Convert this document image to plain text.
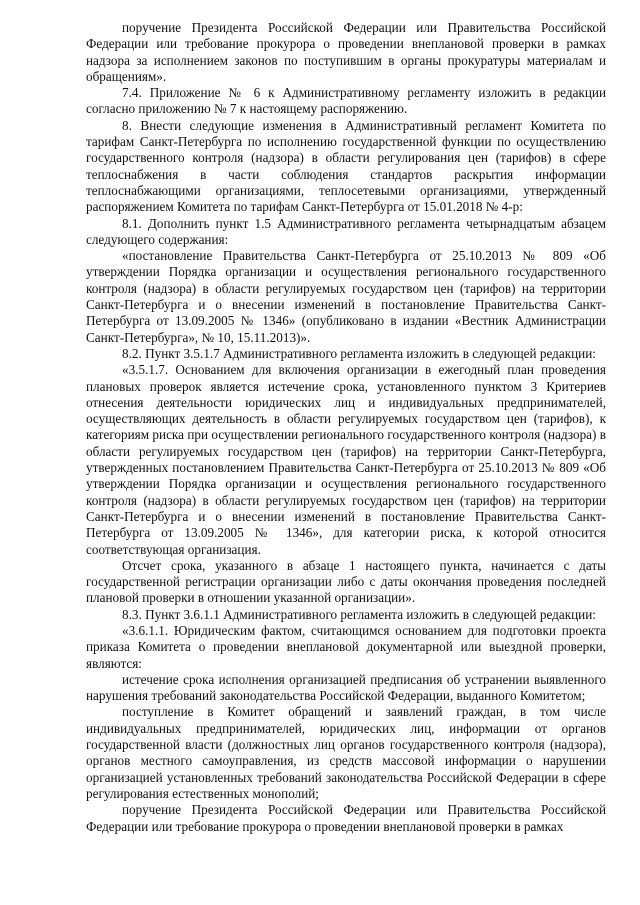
поручение Президента Российской Федерации или Правительства Российской Федерации или требование прокурора о проведении внеплановой проверки в рамках надзора за исполнением законов по поступившим в органы прокуратуры материалам и обращениям».

7.4. Приложение № 6 к Административному регламенту изложить в редакции согласно приложению № 7 к настоящему распоряжению.

8. Внести следующие изменения в Административный регламент Комитета по тарифам Санкт-Петербурга по исполнению государственной функции по осуществлению государственного контроля (надзора) в области регулирования цен (тарифов) в сфере теплоснабжения в части соблюдения стандартов раскрытия информации теплоснабжающими организациями, теплосетевыми организациями, утвержденный распоряжением Комитета по тарифам Санкт-Петербурга от 15.01.2018 № 4-р:

8.1. Дополнить пункт 1.5 Административного регламента четырнадцатым абзацем следующего содержания:

«постановление Правительства Санкт-Петербурга от 25.10.2013 № 809 «Об утверждении Порядка организации и осуществления регионального государственного контроля (надзора) в области регулируемых государством цен (тарифов) на территории Санкт-Петербурга и о внесении изменений в постановление Правительства Санкт-Петербурга от 13.09.2005 № 1346» (опубликовано в издании «Вестник Администрации Санкт-Петербурга», № 10, 15.11.2013)».

8.2. Пункт 3.5.1.7 Административного регламента изложить в следующей редакции:

«3.5.1.7. Основанием для включения организации в ежегодный план проведения плановых проверок является истечение срока, установленного пунктом 3 Критериев отнесения деятельности юридических лиц и индивидуальных предпринимателей, осуществляющих деятельность в области регулируемых государством цен (тарифов), к категориям риска при осуществлении регионального государственного контроля (надзора) в области регулируемых государством цен (тарифов) на территории Санкт-Петербурга, утвержденных постановлением Правительства Санкт-Петербурга от 25.10.2013 № 809 «Об утверждении Порядка организации и осуществления регионального государственного контроля (надзора) в области регулируемых государством цен (тарифов) на территории Санкт-Петербурга и о внесении изменений в постановление Правительства Санкт-Петербурга от 13.09.2005 № 1346», для категории риска, к которой относится соответствующая организация.

Отсчет срока, указанного в абзаце 1 настоящего пункта, начинается с даты государственной регистрации организации либо с даты окончания проведения последней плановой проверки в отношении указанной организации».

8.3. Пункт 3.6.1.1 Административного регламента изложить в следующей редакции:

«3.6.1.1. Юридическим фактом, считающимся основанием для подготовки проекта приказа Комитета о проведении внеплановой документарной или выездной проверки, являются:

истечение срока исполнения организацией предписания об устранении выявленного нарушения требований законодательства Российской Федерации, выданного Комитетом;

поступление в Комитет обращений и заявлений граждан, в том числе индивидуальных предпринимателей, юридических лиц, информации от органов государственной власти (должностных лиц органов государственного контроля (надзора), органов местного самоуправления, из средств массовой информации о нарушении организацией установленных требований законодательства Российской Федерации в сфере регулирования естественных монополий;

поручение Президента Российской Федерации или Правительства Российской Федерации или требование прокурора о проведении внеплановой проверки в рамках
